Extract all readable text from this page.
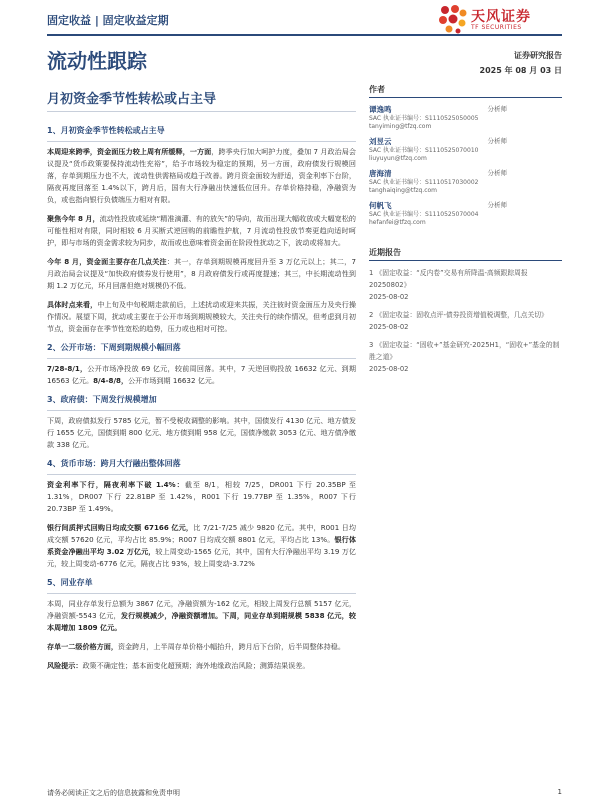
固定收益 | 固定收益定期	天风证券
TF SECURITIES
流动性跟踪	证券研究报告
2025 年 08 月 03 日
月初资金季节性转松或占主导
1、月初资金季节性转松或占主导
本周迎来跨季，资金面压力较上周有所缓释，一方面，跨季央行加大呵护力度，叠加 7 月政治局会议提及“货币政策要保持流动性充裕”，给予市场较为稳定的预期，另一方面，政府债发行规模回落，存单到期压力也不大，流动性供需格局或趋于改善。跨月资金面较为舒适，资金利率下台阶，隔夜再度回落至 1.4%以下，跨月后，国有大行净融出快速低位回升。存单价格持稳，净融资为负，或也指向银行负债端压力相对有限。
聚焦今年 8 月，流动性投放或延续“精准滴灌、有的放矢”的导向，故而出现大幅收放或大幅宽松的可能性相对有限，同时相较 6 月买断式逆回购的前瞻性护航，7 月流动性投放节奏更趋向适时呵护，即与市场的资金需求较为同步，故而或也意味着资金面在阶段性扰动之下，波动或将加大。
今年 8 月，资金面主要存在几点关注：其一，存单到期规模再度回升至 3 万亿元以上；其二，7 月政治局会议提及“加快政府债券发行使用”，8 月政府债发行或再度提速；其三，中长期流动性到期 1.2 万亿元，环月回落但绝对规模仍不低。
具体时点来看，中上旬及中旬税期走款前后，上述扰动或迎来共振，关注彼时资金面压力及央行操作情况。展望下周，扰动或主要在于公开市场到期规模较大，关注央行的续作情况，但考虑到月初节点，资金面存在季节性宽松的趋势，压力或也相对可控。
2、公开市场：下周到期规模小幅回落
7/28-8/1，公开市场净投放 69 亿元，较前周回落。其中，7 天逆回购投放 16632 亿元、到期 16563 亿元。8/4-8/8，公开市场到期 16632 亿元。
3、政府债：下周发行规模增加
下周，政府债拟发行 5785 亿元，暂不受税收调整的影响。其中，国债发行 4130 亿元、地方债发行 1655 亿元，国债到期 800 亿元、地方债到期 958 亿元，国债净缴款 3053 亿元、地方债净缴款 338 亿元。
4、货币市场：跨月大行融出整体回落
资金利率下行，隔夜利率下破 1.4%：截至 8/1，相较 7/25，DR001 下行 20.35BP 至 1.31%，DR007 下行 22.81BP 至 1.42%，R001 下行 19.77BP 至 1.35%，R007 下行 20.73BP 至 1.49%。
银行间质押式回购日均成交额 67166 亿元，比 7/21-7/25 减少 9820 亿元。其中，R001 日均成交额 57620 亿元，平均占比 85.9%；R007 日均成交额 8801 亿元，平均占比 13%。银行体系资金净融出平均 3.02 万亿元，较上周变动-1565 亿元，其中，国有大行净融出平均 3.19 万亿元，较上周变动-6776 亿元，隔夜占比 93%，较上周变动-3.72%
5、同业存单
本周，同业存单发行总额为 3867 亿元，净融资额为-162 亿元，相较上周发行总额 5157 亿元，净融资额-5543 亿元，发行规模减少，净融资额增加。下周，同业存单到期规模 5838 亿元，较本周增加 1809 亿元。
存单一二级价格方面，资金跨月，上半周存单价格小幅抬升，跨月后下台阶，后半周整体持稳。
风险提示：政策不确定性；基本面变化超预期；海外地缘政治风险；测算结果误差。
作者
谭逸鸣	分析师
SAC 执业证书编号：S1110525050005
tanyiming@tfzq.com
刘昱云	分析师
SAC 执业证书编号：S1110525070010
liuyuyun@tfzq.com
唐海清	分析师
SAC 执业证书编号：S1110517030002
tanghaiqing@tfzq.com
何帆飞	分析师
SAC 执业证书编号：S1110525070004
hefanfei@tfzq.com
近期报告
1 《固定收益：“反内卷”交易有所降温-高频跟踪周报 20250802》
2025-08-02
2 《固定收益：固收点评-债券投资增值税调整，几点关切》
2025-08-02
3 《固定收益：“固收+”基金研究-2025H1，“固收+”基金的制胜之道》
2025-08-02
请务必阅读正文之后的信息披露和免责申明	1
